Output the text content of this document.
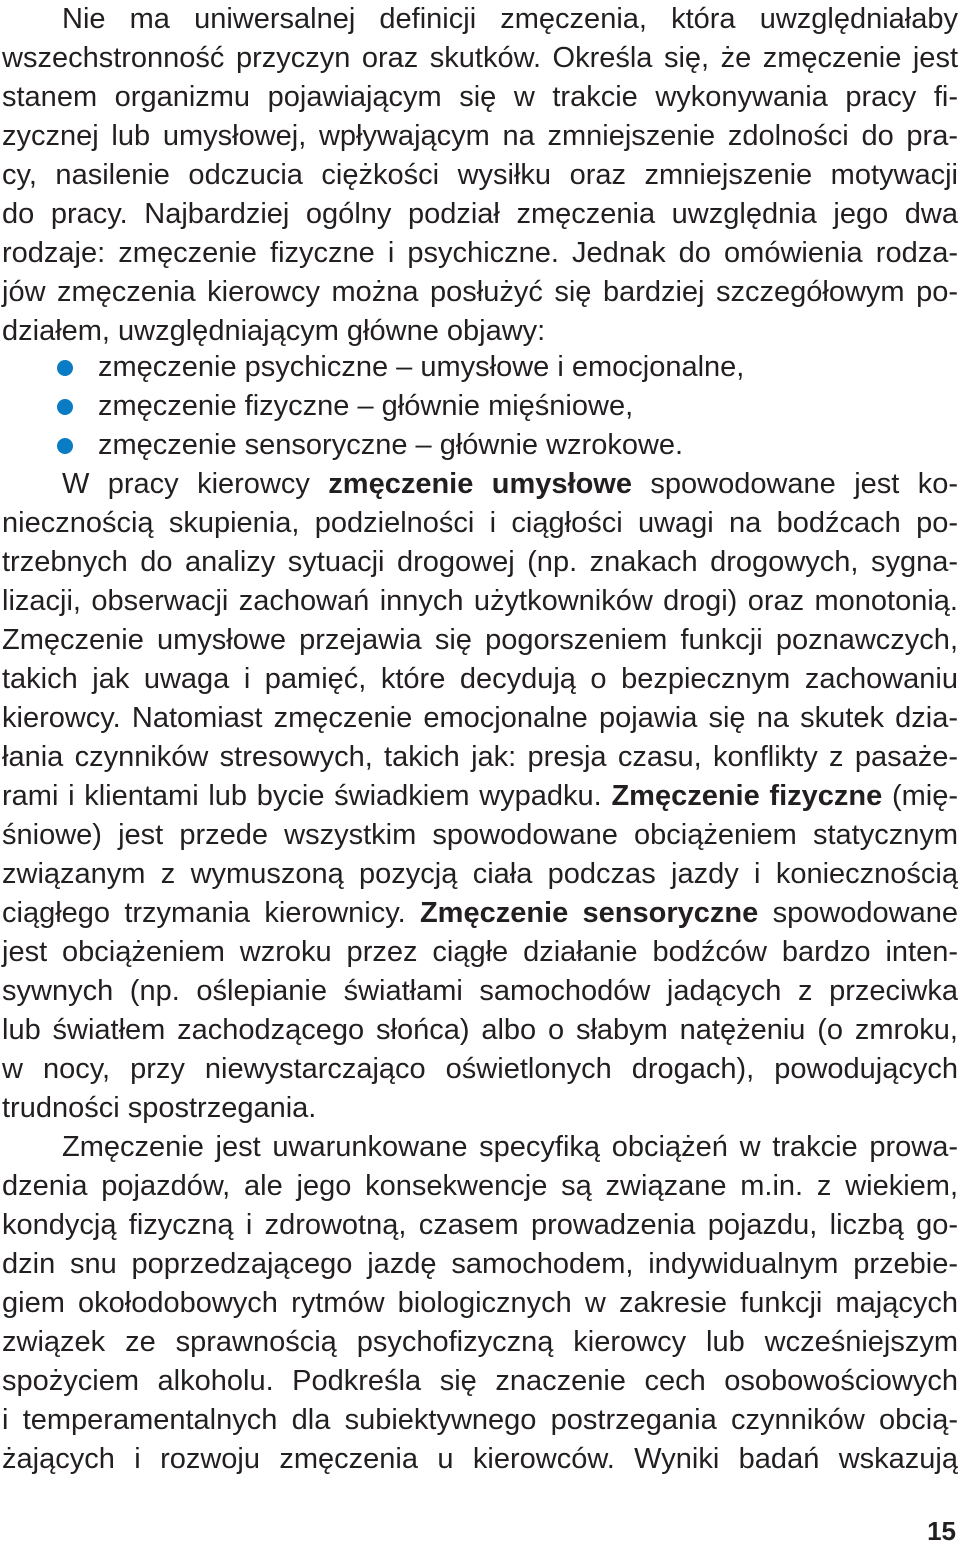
Nie ma uniwersalnej definicji zmęczenia, która uwzględniałaby
wszechstronność przyczyn oraz skutków. Określa się, że zmęczenie jest
stanem organizmu pojawiającym się w trakcie wykonywania pracy fi-
zycznej lub umysłowej, wpływającym na zmniejszenie zdolności do pra-
cy, nasilenie odczucia ciężkości wysiłku oraz zmniejszenie motywacji
do pracy. Najbardziej ogólny podział zmęczenia uwzględnia jego dwa
rodzaje: zmęczenie fizyczne i psychiczne. Jednak do omówienia rodza-
jów zmęczenia kierowcy można posłużyć się bardziej szczegółowym po-
działem, uwzględniającym główne objawy:
zmęczenie psychiczne – umysłowe i emocjonalne,
zmęczenie fizyczne – głównie mięśniowe,
zmęczenie sensoryczne – głównie wzrokowe.
W pracy kierowcy zmęczenie umysłowe spowodowane jest ko-
niecznością skupienia, podzielności i ciągłości uwagi na bodźcach po-
trzebnych do analizy sytuacji drogowej (np. znakach drogowych, sygna-
lizacji, obserwacji zachowań innych użytkowników drogi) oraz monotonią.
Zmęczenie umysłowe przejawia się pogorszeniem funkcji poznawczych,
takich jak uwaga i pamięć, które decydują o bezpiecznym zachowaniu
kierowcy. Natomiast zmęczenie emocjonalne pojawia się na skutek dzia-
łania czynników stresowych, takich jak: presja czasu, konflikty z pasaże-
rami i klientami lub bycie świadkiem wypadku. Zmęczenie fizyczne (mię-
śniowe) jest przede wszystkim spowodowane obciążeniem statycznym
związanym z wymuszoną pozycją ciała podczas jazdy i koniecznością
ciągłego trzymania kierownicy. Zmęczenie sensoryczne spowodowane
jest obciążeniem wzroku przez ciągłe działanie bodźców bardzo inten-
sywnych (np. oślepianie światłami samochodów jadących z przeciwka
lub światłem zachodzącego słońca) albo o słabym natężeniu (o zmroku,
w nocy, przy niewystarczająco oświetlonych drogach), powodujących
trudności spostrzegania.
Zmęczenie jest uwarunkowane specyfiką obciążeń w trakcie prowa-
dzenia pojazdów, ale jego konsekwencje są związane m.in. z wiekiem,
kondycją fizyczną i zdrowotną, czasem prowadzenia pojazdu, liczbą go-
dzin snu poprzedzającego jazdę samochodem, indywidualnym przebie-
giem okołodobowych rytmów biologicznych w zakresie funkcji mających
związek ze sprawnością psychofizyczną kierowcy lub wcześniejszym
spożyciem alkoholu. Podkreśla się znaczenie cech osobowościowych
i temperamentalnych dla subiektywnego postrzegania czynników obcią-
żających i rozwoju zmęczenia u kierowców. Wyniki badań wskazują
15
